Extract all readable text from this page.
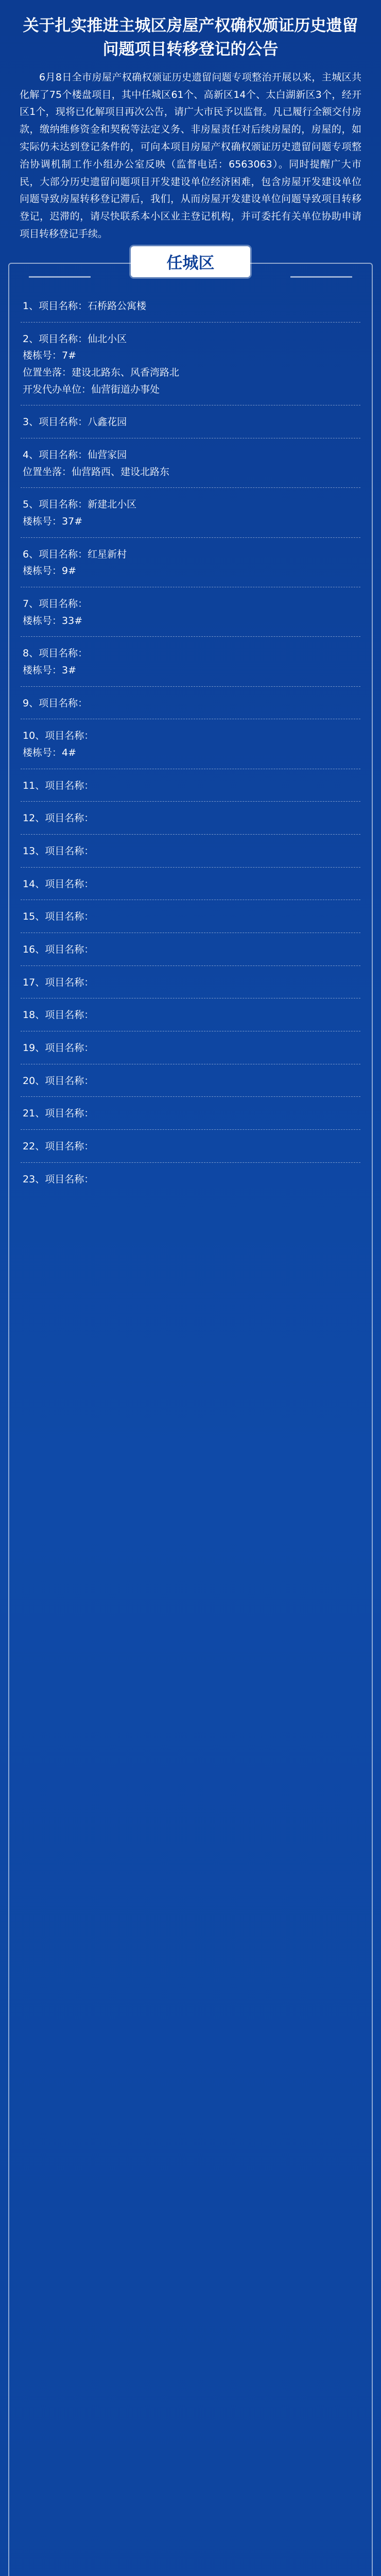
关于扎实推进主城区房屋产权确权颁证历史遗留问题项目转移登记的公告

6月8日全市房屋产权确权颁证历史遗留问题专项整治开展以来，主城区共化解了75个楼盘项目，其中任城区61个、高新区14个、太白湖新区3个，经开区1个，现将已化解项目再次公告，请广大市民予以监督。凡已履行全额交付房款，缴纳维修资金和契税等法定义务、非房屋责任对后续房屋的，房屋的，如实际仍未达到登记条件的，可向本项目房屋产权确权颁证历史遗留问题专项整治协调机制工作小组办公室反映（监督电话：6563063）。同时提醒广大市民，大部分历史遗留问题项目开发建设单位经济困难，包含房屋开发建设单位问题导致房屋转移登记滞后，我们，从而房屋开发建设单位问题导致项目转移登记，迟滞的，请尽快联系本小区业主登记机构，并可委托有关单位协助申请项目转移登记手续。

任城区
1、项目名称：石桥路公寓楼
2、项目名称：仙北小区
楼栋号：7#
位置坐落：建设北路东、风香湾路北
开发代办单位：仙营街道办事处
3、项目名称：八鑫花园
4、项目名称：仙营家园
位置坐落：仙营路西、建设北路东
5、项目名称：新建北小区
楼栋号：37#
6、项目名称：红星新村
楼栋号：9#
7、项目名称：
楼栋号：33#
8、项目名称：
楼栋号：3#
9、项目名称：
10、项目名称：
楼栋号：4#
11、项目名称：
12、项目名称：
13、项目名称：
14、项目名称：
15、项目名称：
16、项目名称：
17、项目名称：
18、项目名称：
19、项目名称：
20、项目名称：
21、项目名称：
22、项目名称：
23、项目名称：
